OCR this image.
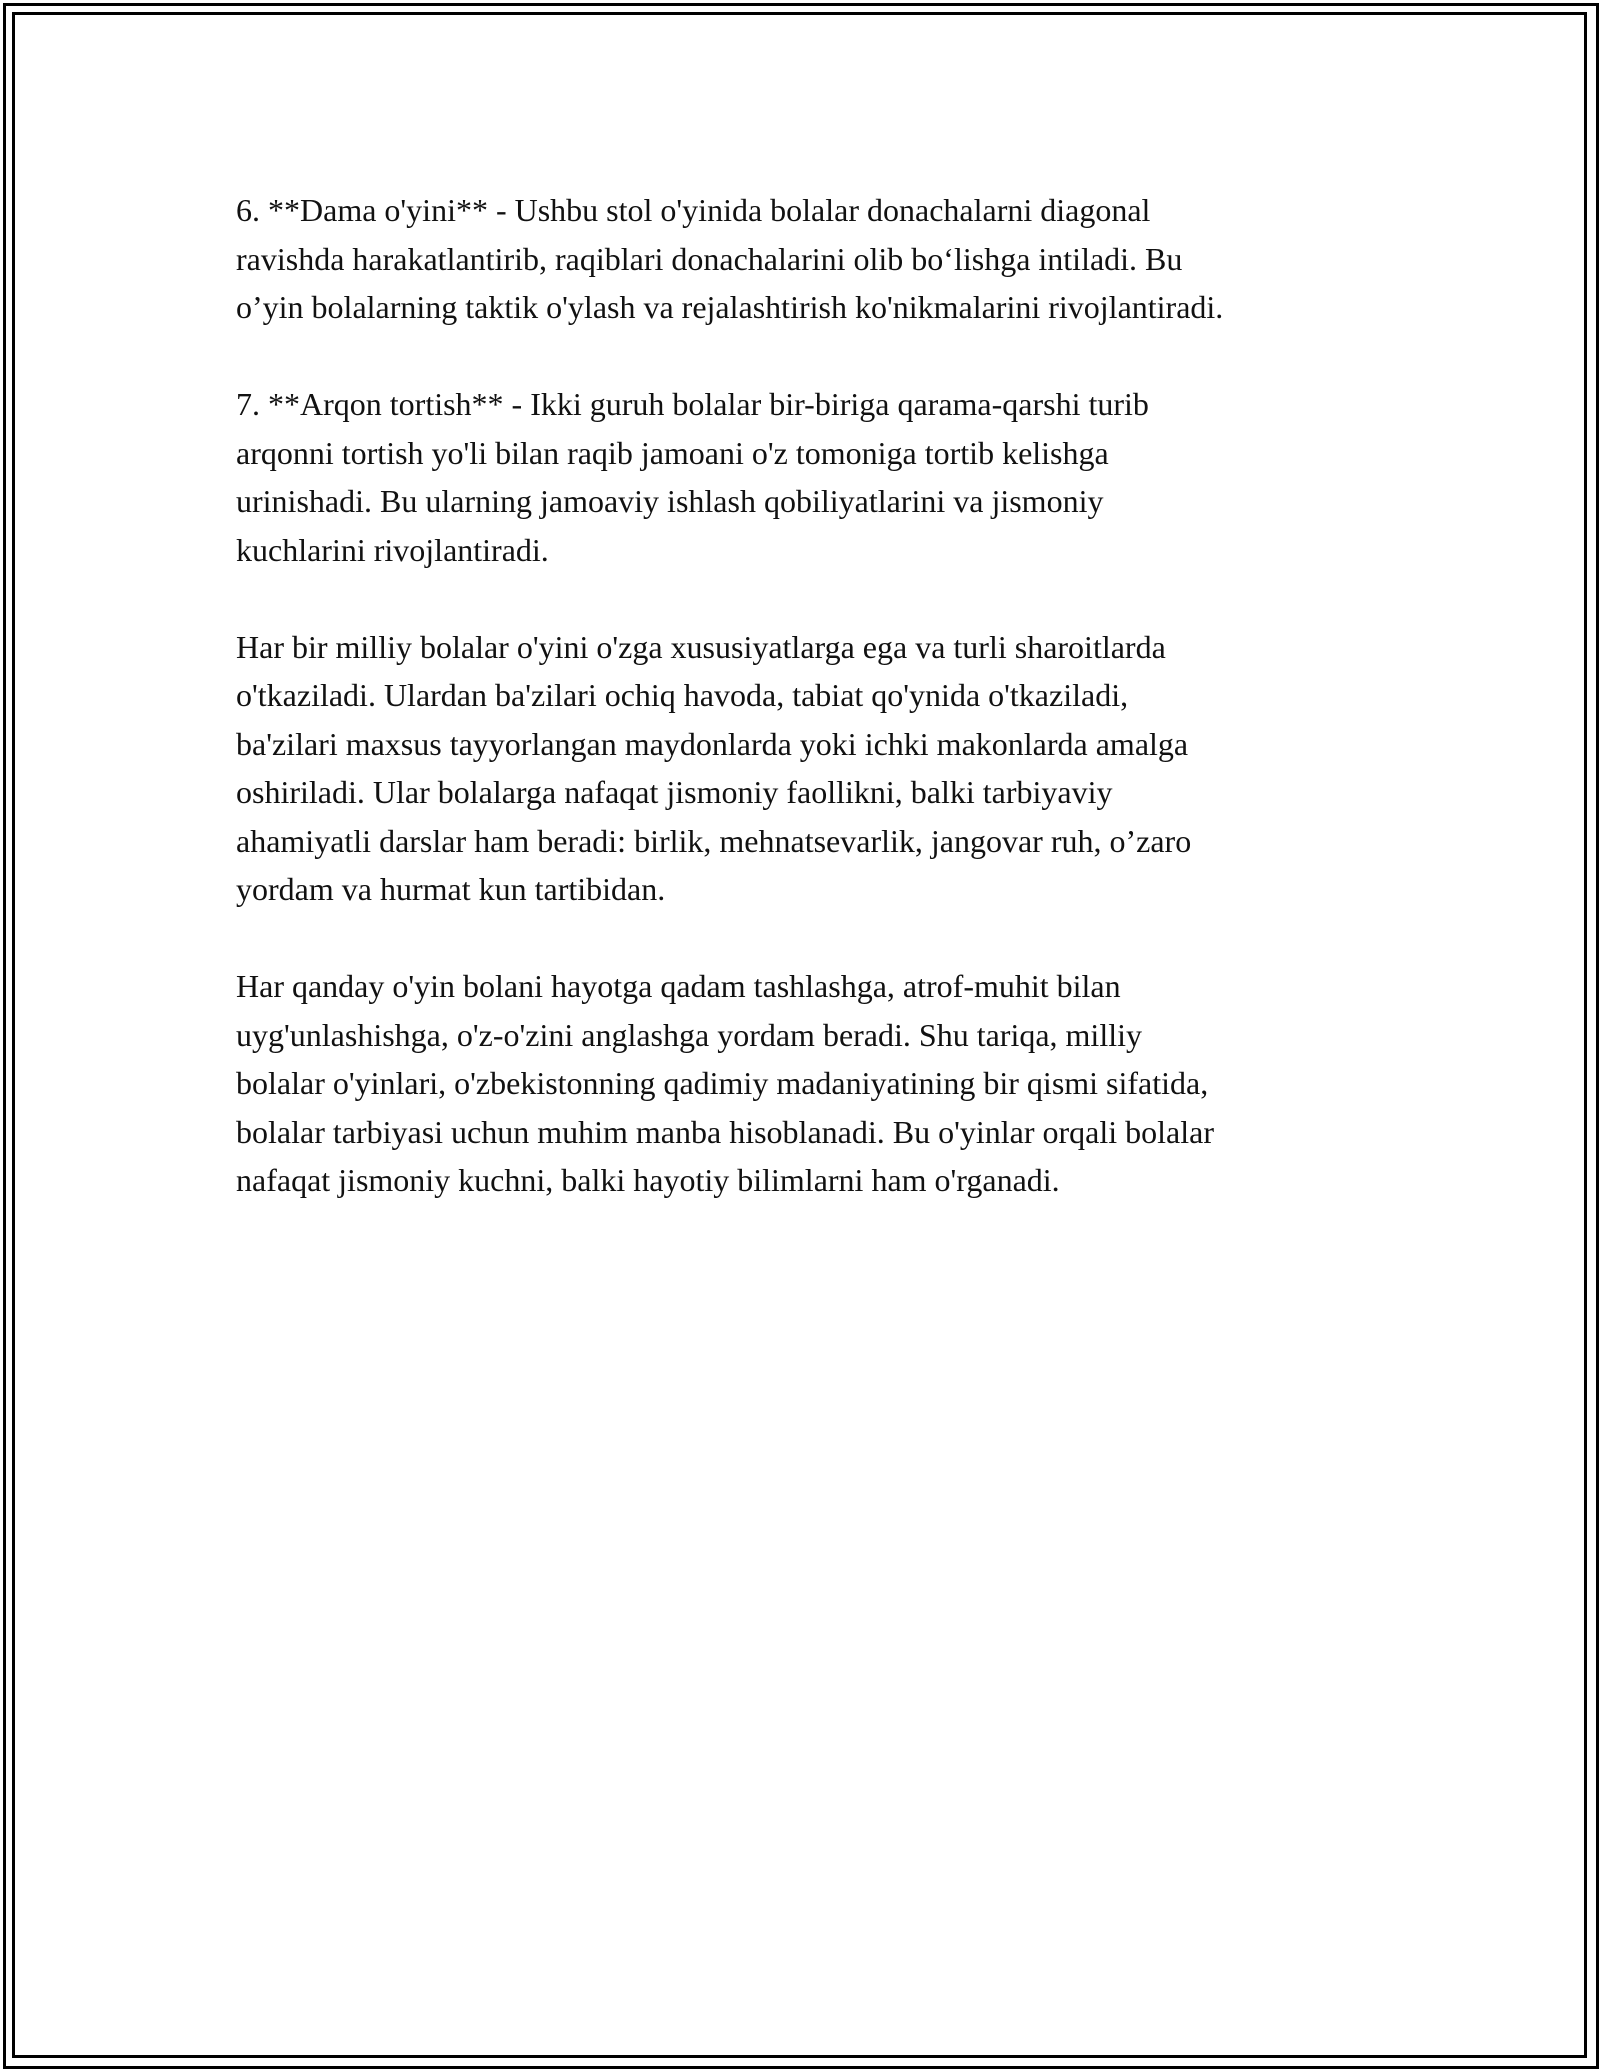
6. **Dama o'yini** - Ushbu stol o'yinida bolalar donachalarni diagonal
ravishda harakatlantirib, raqiblari donachalarini olib bo‘lishga intiladi. Bu
o’yin bolalarning taktik o'ylash va rejalashtirish ko'nikmalarini rivojlantiradi.

7. **Arqon tortish** - Ikki guruh bolalar bir-biriga qarama-qarshi turib
arqonni tortish yo'li bilan raqib jamoani o'z tomoniga tortib kelishga
urinishadi. Bu ularning jamoaviy ishlash qobiliyatlarini va jismoniy
kuchlarini rivojlantiradi.

Har bir milliy bolalar o'yini o'zga xususiyatlarga ega va turli sharoitlarda
o'tkaziladi. Ulardan ba'zilari ochiq havoda, tabiat qo'ynida o'tkaziladi,
ba'zilari maxsus tayyorlangan maydonlarda yoki ichki makonlarda amalga
oshiriladi. Ular bolalarga nafaqat jismoniy faollikni, balki tarbiyaviy
ahamiyatli darslar ham beradi: birlik, mehnatsevarlik, jangovar ruh, o’zaro
yordam va hurmat kun tartibidan.

Har qanday o'yin bolani hayotga qadam tashlashga, atrof-muhit bilan
uyg'unlashishga, o'z-o'zini anglashga yordam beradi. Shu tariqa, milliy
bolalar o'yinlari, o'zbekistonning qadimiy madaniyatining bir qismi sifatida,
bolalar tarbiyasi uchun muhim manba hisoblanadi. Bu o'yinlar orqali bolalar
nafaqat jismoniy kuchni, balki hayotiy bilimlarni ham o'rganadi.
